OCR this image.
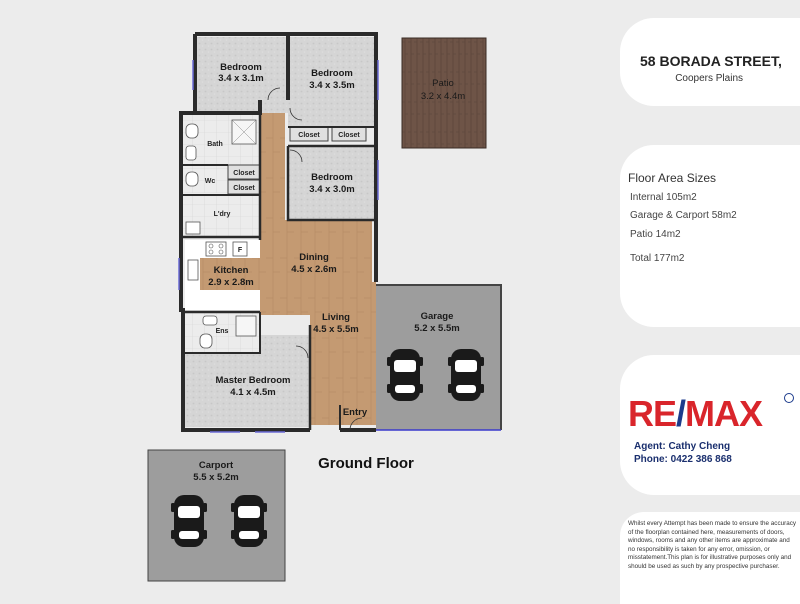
Patio
3.2 x 4.4m
Garage
5.2 x 5.5m
Carport
5.5 x 5.2m
Closet
Closet
Closet	Closet
F
Bedroom
3.4 x 3.1m	Bedroom
3.4 x 3.5m
Bedroom
3.4 x 3.0m
Bath
Wc
L'dry
Kitchen
2.9 x 2.8m
Dining
4.5 x 2.6m
Living
4.5 x 5.5m
Ens
Master Bedroom
4.1 x 4.5m
Entry
Ground Floor
58 BORADA STREET,
Coopers Plains
Floor Area Sizes
Internal 105m2
Garage & Carport 58m2
Patio 14m2
Total 177m2
RE/MAX
Agent: Cathy Cheng
Phone: 0422 386 868
Whilst every Attempt has been made to ensure the accuracy of the floorplan contained here, measurements of doors, windows, rooms and any other items are approximate and no responsibility is taken for any error, omission, or misstatement.This plan is for illustrative purposes only and should be used as such by any prospective purchaser.
